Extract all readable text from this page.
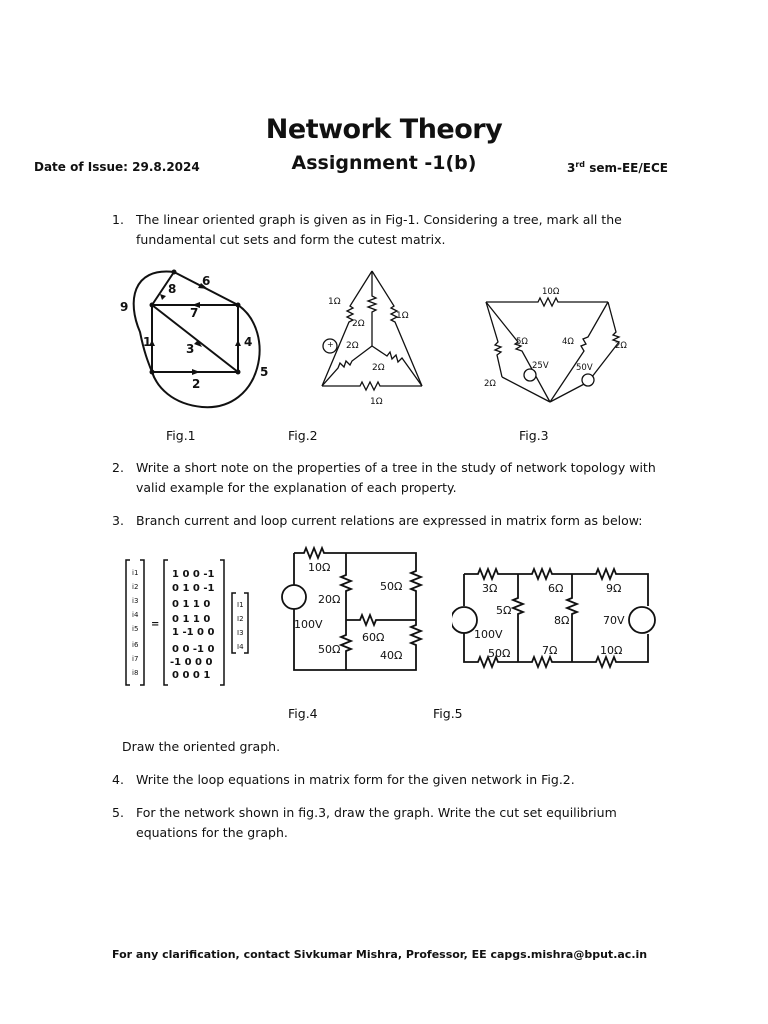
Network Theory
Assignment -1(b)
Date of Issue: 29.8.2024	3rd sem-EE/ECE
1. The linear oriented graph is given as in Fig-1. Considering a tree, mark all the fundamental cut sets and form the cutest matrix.
1
2
3	4
5
6
7
8
9	1Ω
2Ω
1Ω
2Ω
2Ω
1Ω
+
-
10Ω
5Ω	4Ω	2Ω
25V	50V
2Ω
Fig.1	Fig.2	Fig.3
2. Write a short note on the properties of a tree in the study of network topology with valid example for the explanation of each property.
3. Branch current and loop current relations are expressed in matrix form as below:
i1
i2
i3
i4
i5
i6
i7
i8
=
1 0 0 -1
0 1 0 -1
0 1 1 0
0 1 1 0
1 -1 0 0
0 0 -1 0
-1 0 0 0
0 0 0 1
I1
I2
I3
I4
10Ω
50Ω
20Ω
60Ω
100V
50Ω	40Ω
3Ω	6Ω	9Ω
5Ω
8Ω	70V
100V
50Ω	7Ω	10Ω
Fig.4	Fig.5
Draw the oriented graph.
4. Write the loop equations in matrix form for the given network in Fig.2.
5. For the network shown in fig.3, draw the graph. Write the cut set equilibrium equations for the graph.
For any clarification, contact Sivkumar Mishra, Professor, EE capgs.mishra@bput.ac.in
